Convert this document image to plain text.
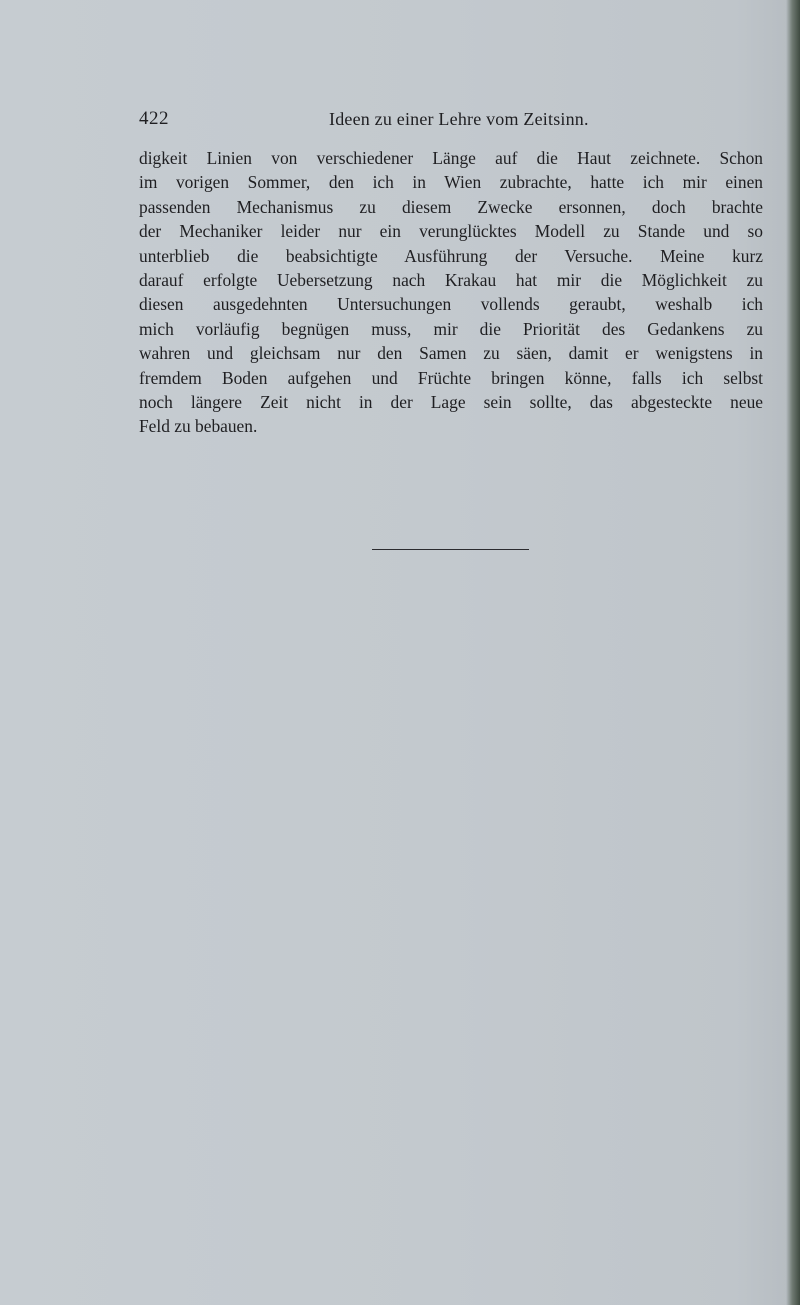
422	Ideen zu einer Lehre vom Zeitsinn.
digkeit Linien von verschiedener Länge auf die Haut zeichnete. Schon
im vorigen Sommer, den ich in Wien zubrachte, hatte ich mir einen
passenden Mechanismus zu diesem Zwecke ersonnen, doch brachte
der Mechaniker leider nur ein verunglücktes Modell zu Stande und so
unterblieb die beabsichtigte Ausführung der Versuche. Meine kurz
darauf erfolgte Uebersetzung nach Krakau hat mir die Möglichkeit zu
diesen ausgedehnten Untersuchungen vollends geraubt, weshalb ich
mich vorläufig begnügen muss, mir die Priorität des Gedankens zu
wahren und gleichsam nur den Samen zu säen, damit er wenigstens in
fremdem Boden aufgehen und Früchte bringen könne, falls ich selbst
noch längere Zeit nicht in der Lage sein sollte, das abgesteckte neue
Feld zu bebauen.
